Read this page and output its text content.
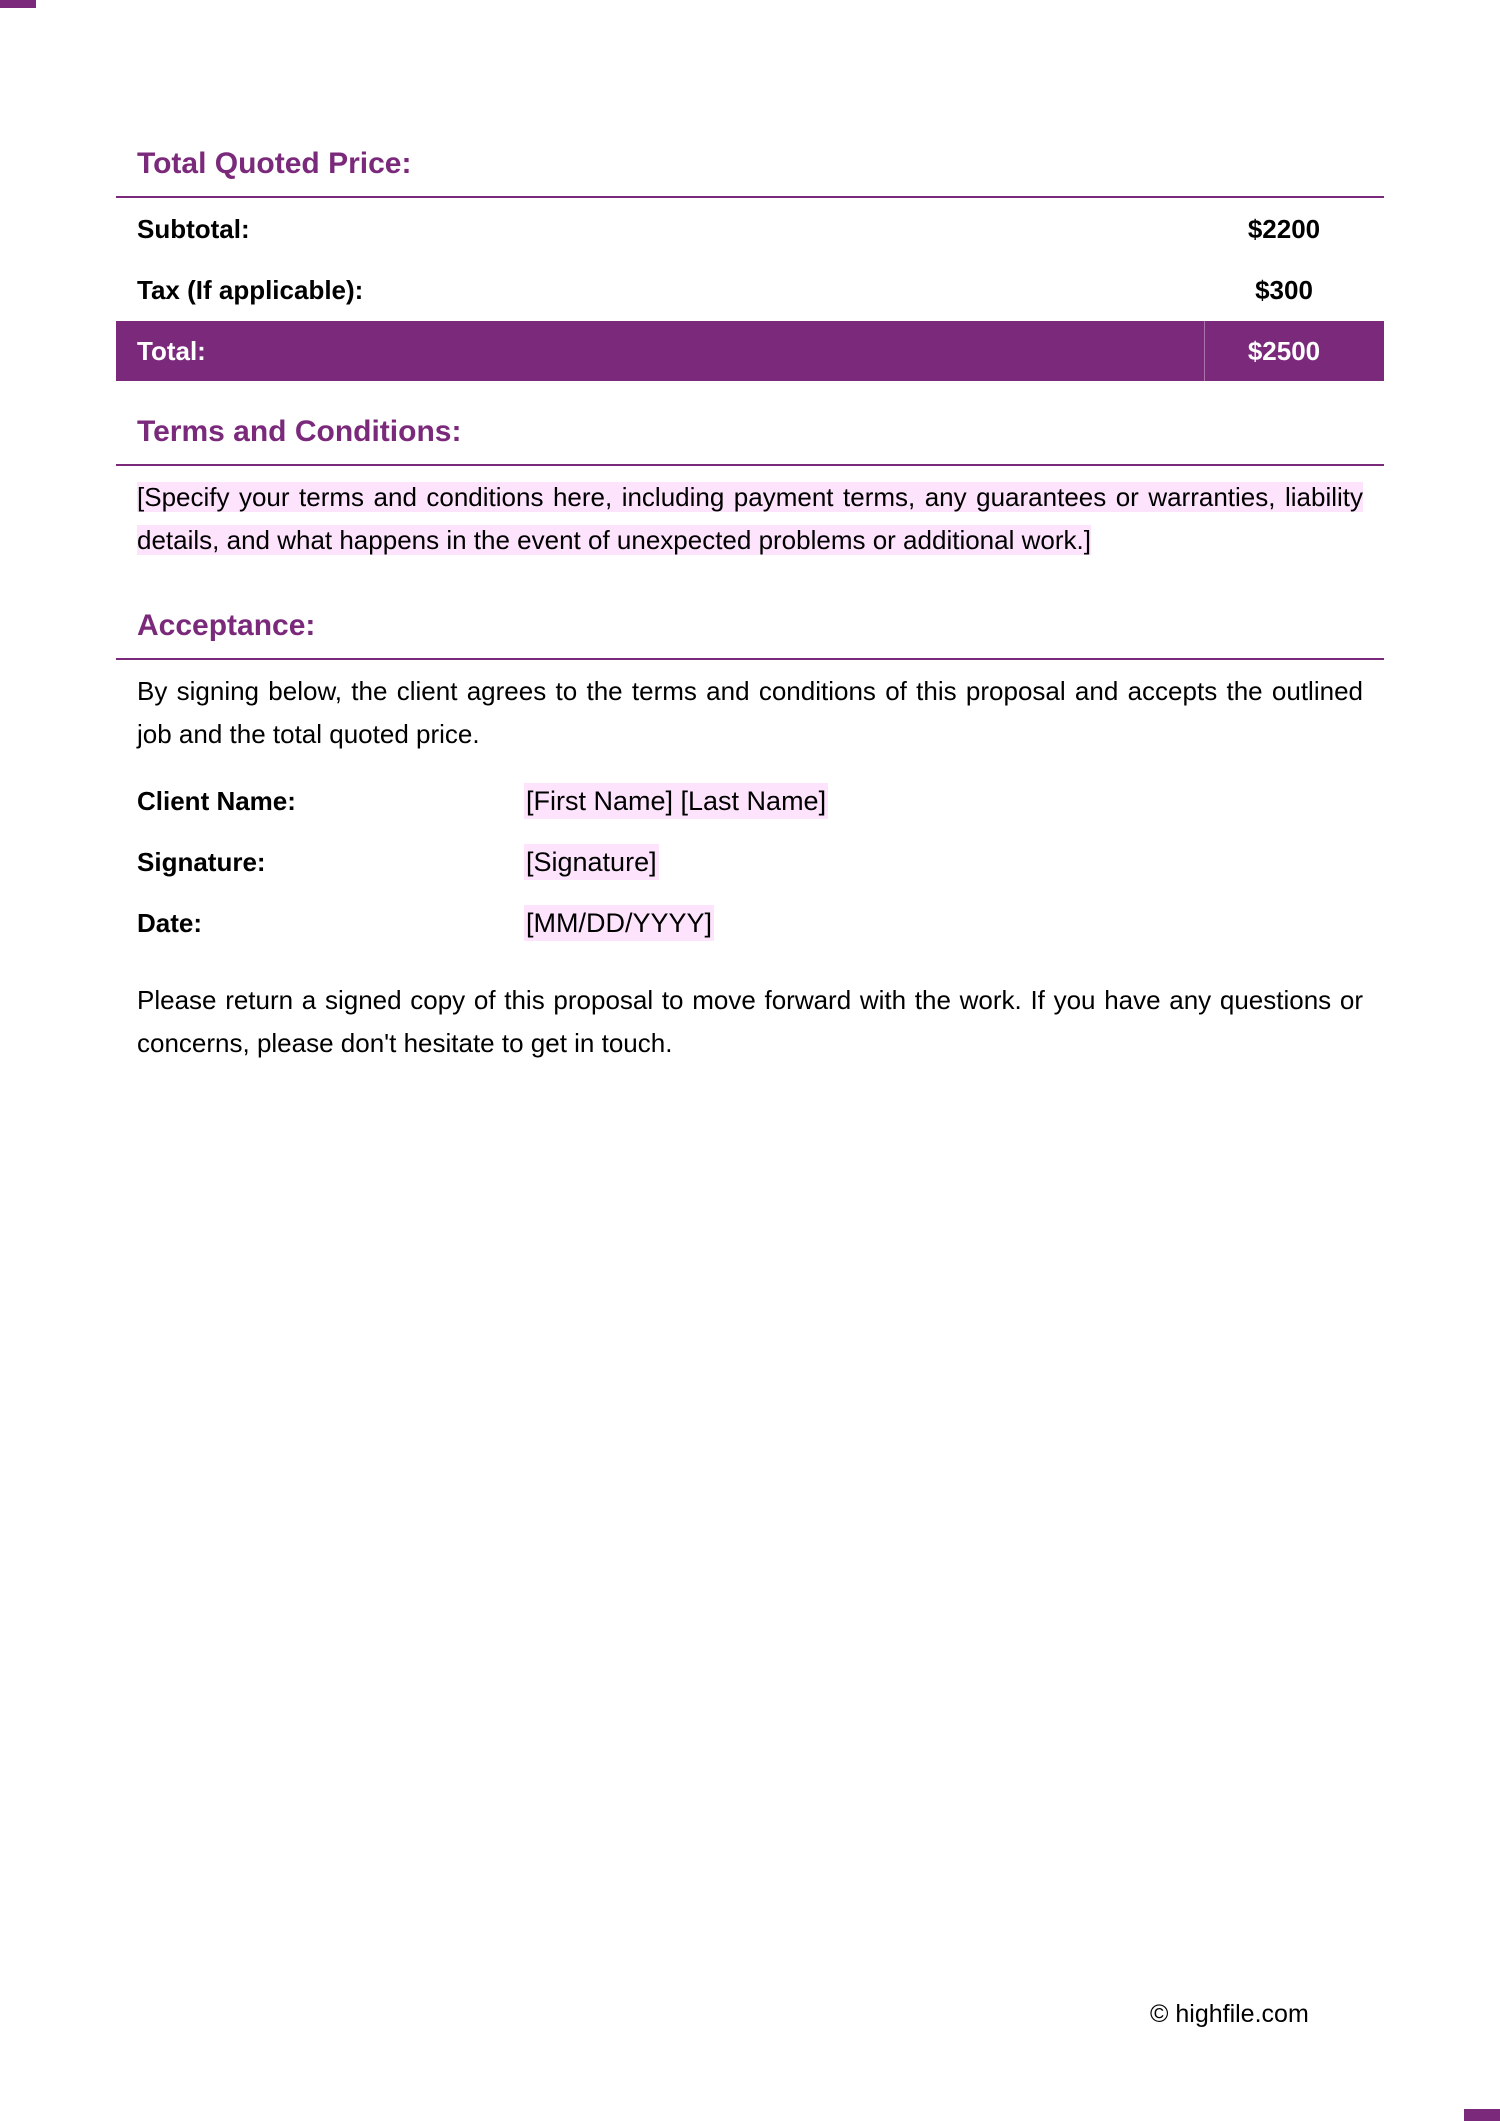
Total Quoted Price:
Subtotal:	$2200
Tax (If applicable):	$300
Total:	$2500
Terms and Conditions:
[Specify your terms and conditions here, including payment terms, any guarantees or warranties, liability details, and what happens in the event of unexpected problems or additional work.]
Acceptance:
By signing below, the client agrees to the terms and conditions of this proposal and accepts the outlined job and the total quoted price.
Client Name:	[First Name] [Last Name]
Signature:	[Signature]
Date:	[MM/DD/YYYY]
Please return a signed copy of this proposal to move forward with the work. If you have any questions or concerns, please don't hesitate to get in touch.
© highfile.com
